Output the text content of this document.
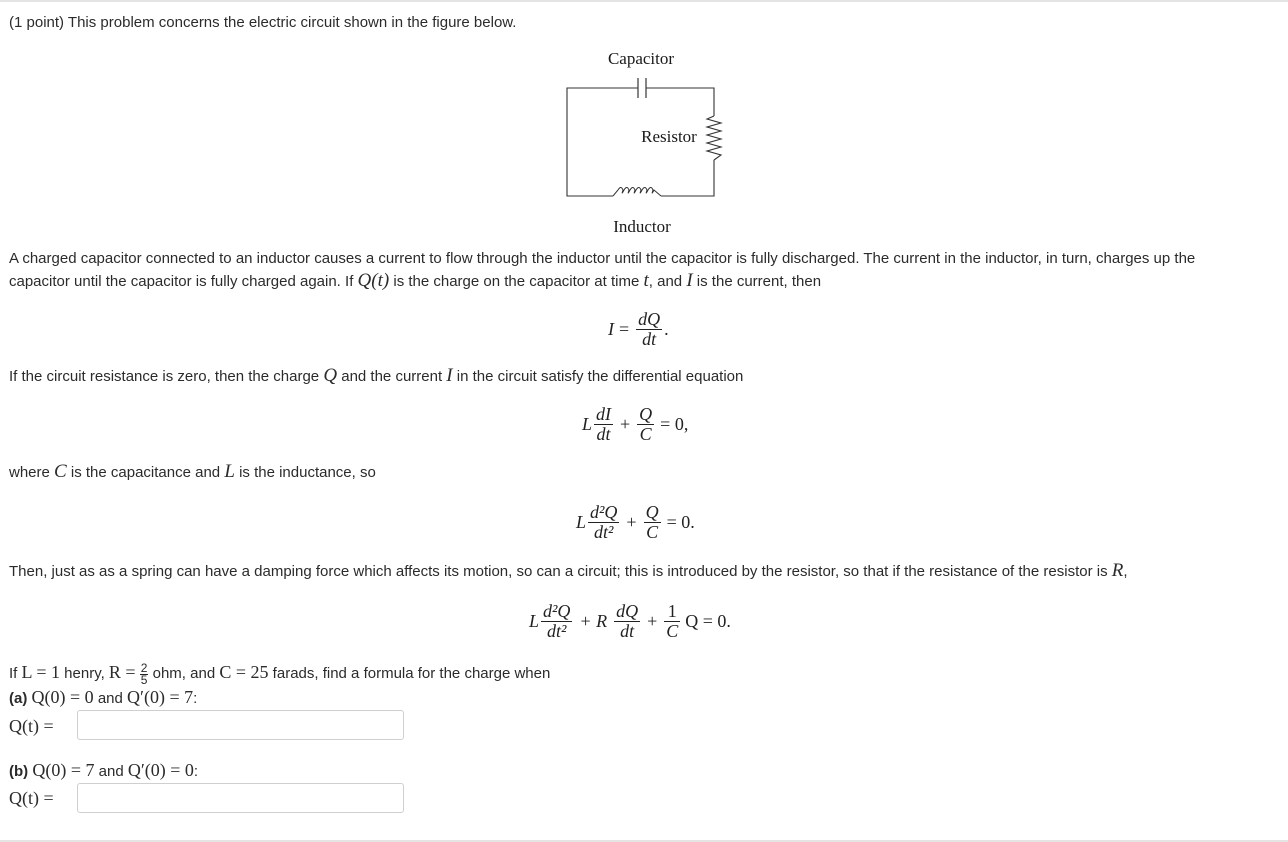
(1 point) This problem concerns the electric circuit shown in the figure below.
Capacitor
Resistor
Inductor
A charged capacitor connected to an inductor causes a current to flow through the inductor until the capacitor is fully discharged. The current in the inductor, in turn, charges up the
capacitor until the capacitor is fully charged again. If Q(t) is the charge on the capacitor at time t, and I is the current, then
$I = \frac{dQ}{dt}$ .
If the circuit resistance is zero, then the charge Q and the current I in the circuit satisfy the differential equation
L $\frac{dI}{dt} + \frac{Q}{C} = 0$,
where C is the capacitance and L is the inductance, so
L $\frac{\text{d²Q}}{\text{dt²}} + \frac{Q}{C} = 0$.
Then, just as as a spring can have a damping force which affects its motion, so can a circuit; this is introduced by the resistor, so that if the resistance of the resistor is R,
L $\frac{\text{d²Q}}{\text{dt²}} + R \frac{dQ}{dt} + \frac{1}{C}$ Q = 0.
If L = 1 henry, $R = \frac{2}{5}$ ohm, and C = 25 farads, find a formula for the charge when
(a) Q(0) = 0 and Q′(0) = 7:
Q(t) =
(b) Q(0) = 7 and Q′(0) = 0:
Q(t) =
